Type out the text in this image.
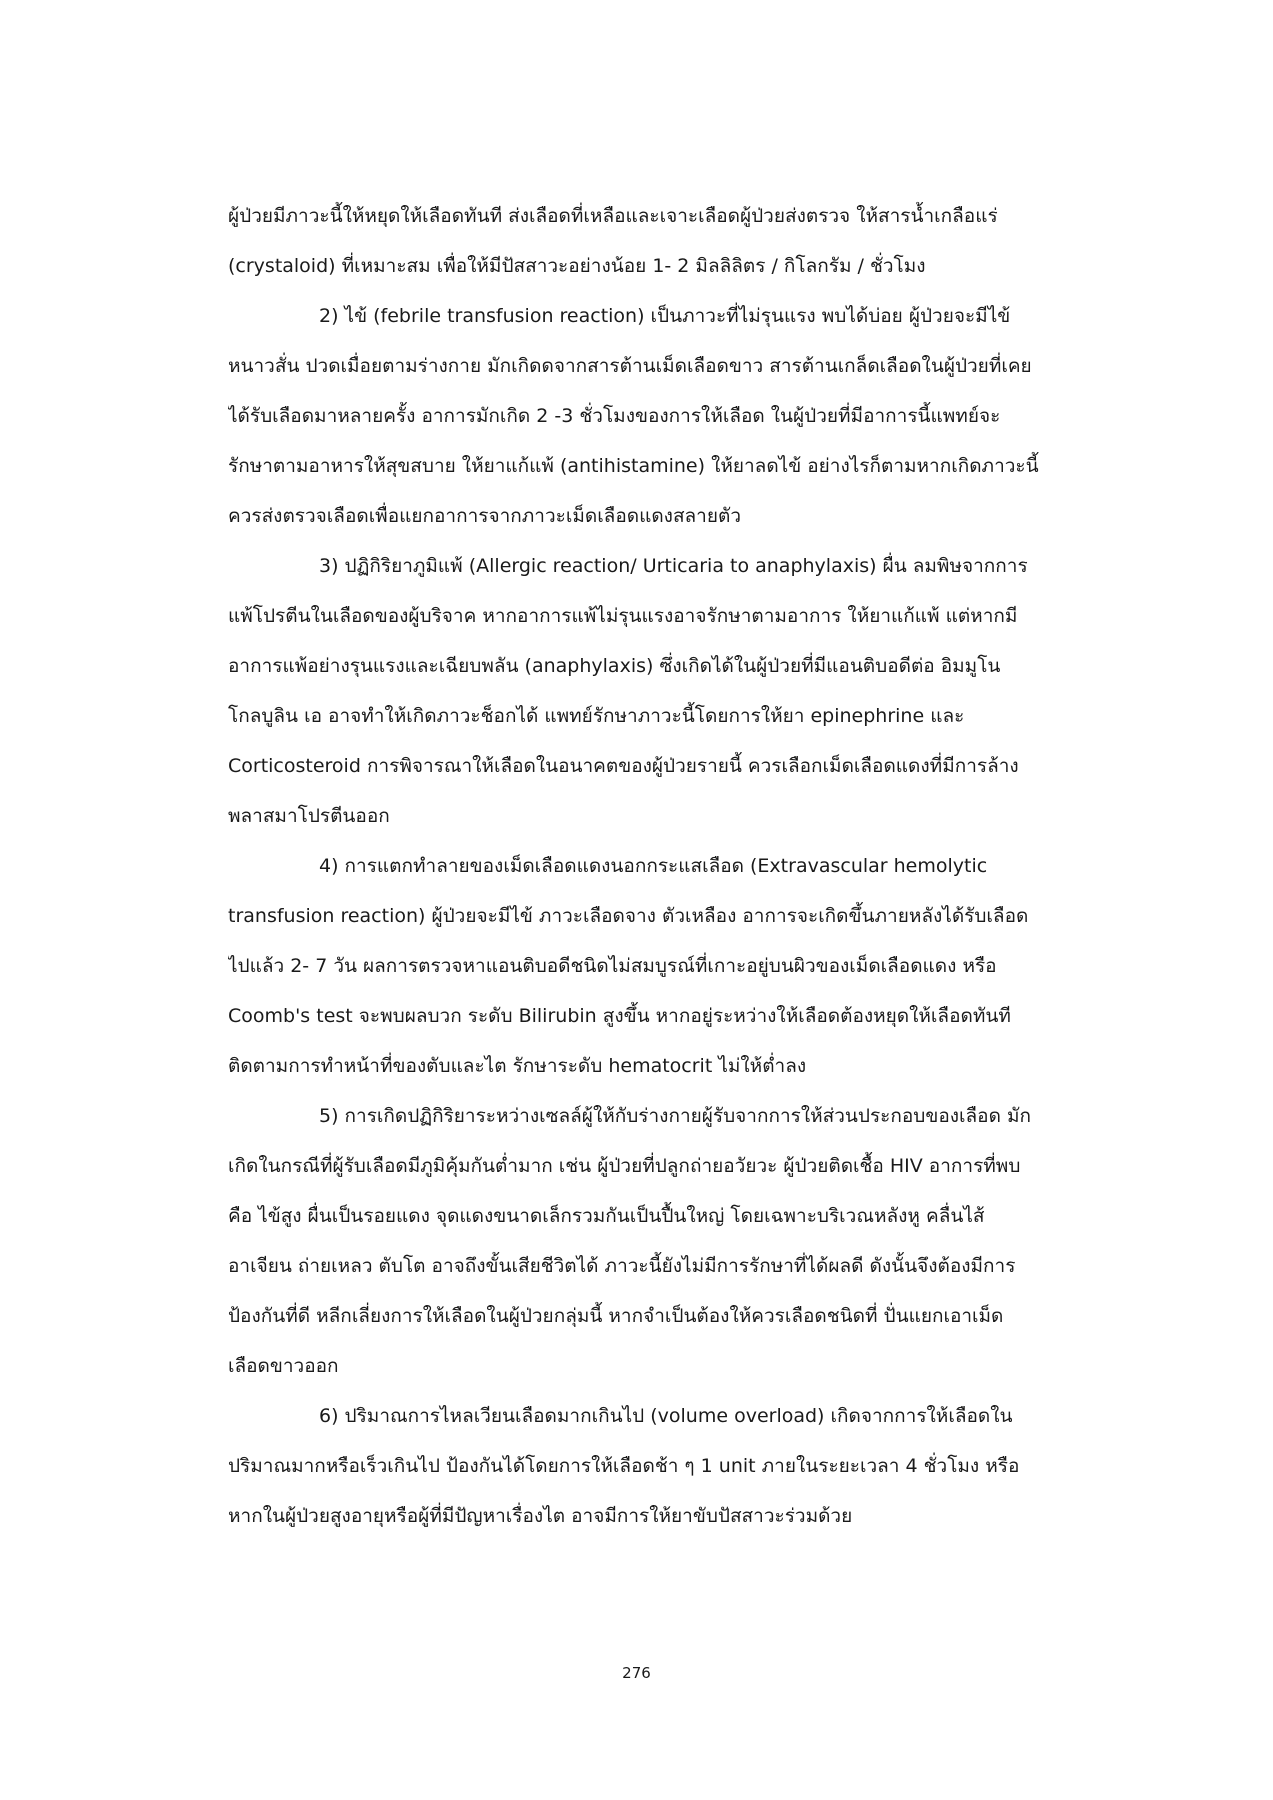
ผู้ป่วยมีภาวะนี้ให้หยุดให้เลือดทันที ส่งเลือดที่เหลือและเจาะเลือดผู้ป่วยส่งตรวจ ให้สารน้ำเกลือแร่
(crystaloid) ที่เหมาะสม เพื่อให้มีปัสสาวะอย่างน้อย 1- 2 มิลลิลิตร / กิโลกรัม / ชั่วโมง
2) ไข้ (febrile transfusion reaction) เป็นภาวะที่ไม่รุนแรง พบได้บ่อย ผู้ป่วยจะมีไข้
หนาวสั่น ปวดเมื่อยตามร่างกาย มักเกิดดจากสารต้านเม็ดเลือดขาว สารต้านเกล็ดเลือดในผู้ป่วยที่เคย
ได้รับเลือดมาหลายครั้ง อาการมักเกิด 2 -3 ชั่วโมงของการให้เลือด ในผู้ป่วยที่มีอาการนี้แพทย์จะ
รักษาตามอาหารให้สุขสบาย ให้ยาแก้แพ้ (antihistamine) ให้ยาลดไข้ อย่างไรก็ตามหากเกิดภาวะนี้
ควรส่งตรวจเลือดเพื่อแยกอาการจากภาวะเม็ดเลือดแดงสลายตัว
3) ปฏิกิริยาภูมิแพ้ (Allergic reaction/ Urticaria to anaphylaxis) ผื่น ลมพิษจากการ
แพ้โปรตีนในเลือดของผู้บริจาค หากอาการแพ้ไม่รุนแรงอาจรักษาตามอาการ ให้ยาแก้แพ้ แต่หากมี
อาการแพ้อย่างรุนแรงและเฉียบพลัน (anaphylaxis) ซึ่งเกิดได้ในผู้ป่วยที่มีแอนติบอดีต่อ อิมมูโน
โกลบูลิน เอ อาจทำให้เกิดภาวะช็อกได้ แพทย์รักษาภาวะนี้โดยการให้ยา epinephrine และ
Corticosteroid การพิจารณาให้เลือดในอนาคตของผู้ป่วยรายนี้ ควรเลือกเม็ดเลือดแดงที่มีการล้าง
พลาสมาโปรตีนออก
4) การแตกทำลายของเม็ดเลือดแดงนอกกระแสเลือด (Extravascular hemolytic
transfusion reaction) ผู้ป่วยจะมีไข้ ภาวะเลือดจาง ตัวเหลือง อาการจะเกิดขึ้นภายหลังได้รับเลือด
ไปแล้ว 2- 7 วัน ผลการตรวจหาแอนติบอดีชนิดไม่สมบูรณ์ที่เกาะอยู่บนผิวของเม็ดเลือดแดง หรือ
Coomb's test จะพบผลบวก ระดับ Bilirubin สูงขึ้น หากอยู่ระหว่างให้เลือดต้องหยุดให้เลือดทันที
ติดตามการทำหน้าที่ของตับและไต รักษาระดับ hematocrit ไม่ให้ต่ำลง
5) การเกิดปฏิกิริยาระหว่างเซลล์ผู้ให้กับร่างกายผู้รับจากการให้ส่วนประกอบของเลือด มัก
เกิดในกรณีที่ผู้รับเลือดมีภูมิคุ้มกันต่ำมาก เช่น ผู้ป่วยที่ปลูกถ่ายอวัยวะ ผู้ป่วยติดเชื้อ HIV อาการที่พบ
คือ ไข้สูง ผื่นเป็นรอยแดง จุดแดงขนาดเล็กรวมกันเป็นปื้นใหญ่ โดยเฉพาะบริเวณหลังหู คลื่นไส้
อาเจียน ถ่ายเหลว ตับโต อาจถึงขั้นเสียชีวิตได้ ภาวะนี้ยังไม่มีการรักษาที่ได้ผลดี ดังนั้นจึงต้องมีการ
ป้องกันที่ดี หลีกเลี่ยงการให้เลือดในผู้ป่วยกลุ่มนี้ หากจำเป็นต้องให้ควรเลือดชนิดที่ ปั่นแยกเอาเม็ด
เลือดขาวออก
6) ปริมาณการไหลเวียนเลือดมากเกินไป (volume overload) เกิดจากการให้เลือดใน
ปริมาณมากหรือเร็วเกินไป ป้องกันได้โดยการให้เลือดช้า ๆ 1 unit ภายในระยะเวลา 4 ชั่วโมง หรือ
หากในผู้ป่วยสูงอายุหรือผู้ที่มีปัญหาเรื่องไต อาจมีการให้ยาขับปัสสาวะร่วมด้วย
276
